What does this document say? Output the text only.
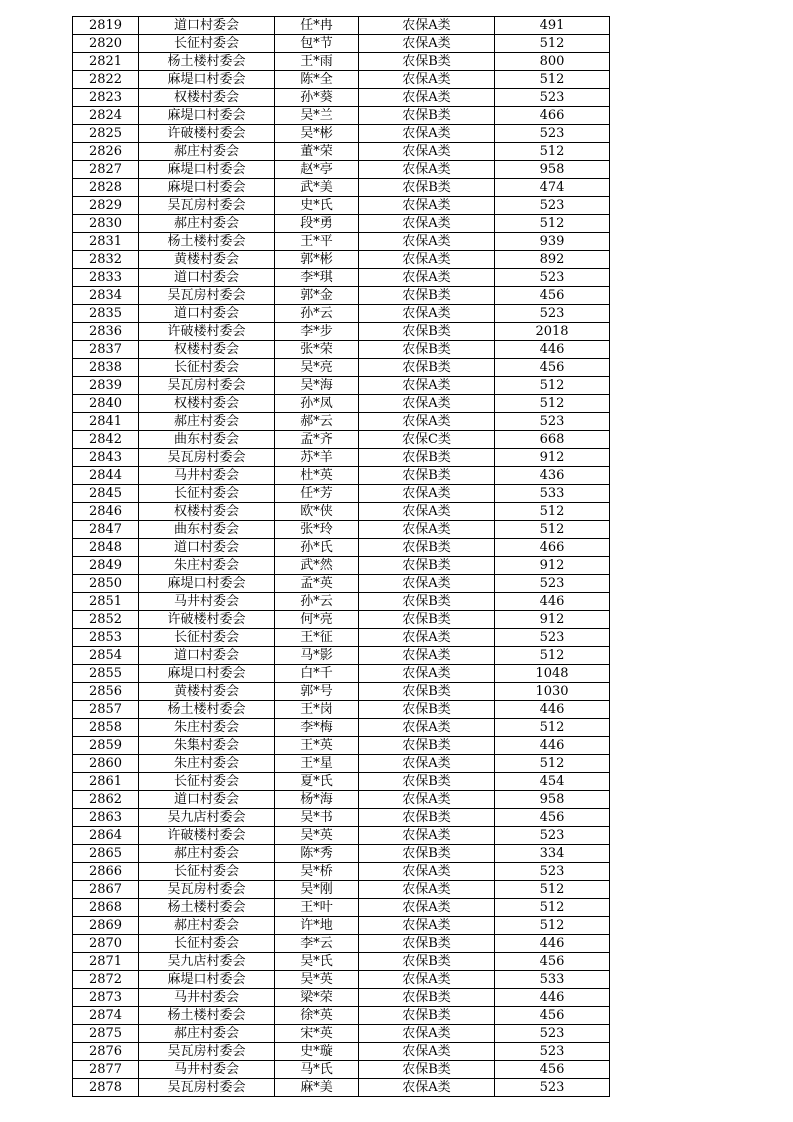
2819	道口村委会	任*冉	农保A类	491
2820	长征村委会	包*节	农保A类	512
2821	杨土楼村委会	王*雨	农保B类	800
2822	麻堤口村委会	陈*全	农保A类	512
2823	权楼村委会	孙*葵	农保A类	523
2824	麻堤口村委会	吴*兰	农保B类	466
2825	许破楼村委会	吴*彬	农保A类	523
2826	郝庄村委会	董*荣	农保A类	512
2827	麻堤口村委会	赵*亭	农保A类	958
2828	麻堤口村委会	武*美	农保B类	474
2829	吴瓦房村委会	史*氏	农保A类	523
2830	郝庄村委会	段*勇	农保A类	512
2831	杨土楼村委会	王*平	农保A类	939
2832	黄楼村委会	郭*彬	农保A类	892
2833	道口村委会	李*琪	农保A类	523
2834	吴瓦房村委会	郭*金	农保B类	456
2835	道口村委会	孙*云	农保A类	523
2836	许破楼村委会	李*步	农保B类	2018
2837	权楼村委会	张*荣	农保B类	446
2838	长征村委会	吴*亮	农保B类	456
2839	吴瓦房村委会	吴*海	农保A类	512
2840	权楼村委会	孙*凤	农保A类	512
2841	郝庄村委会	郝*云	农保A类	523
2842	曲东村委会	孟*齐	农保C类	668
2843	吴瓦房村委会	苏*羊	农保B类	912
2844	马井村委会	杜*英	农保B类	436
2845	长征村委会	任*芳	农保A类	533
2846	权楼村委会	欧*侠	农保A类	512
2847	曲东村委会	张*玲	农保A类	512
2848	道口村委会	孙*氏	农保B类	466
2849	朱庄村委会	武*然	农保B类	912
2850	麻堤口村委会	孟*英	农保A类	523
2851	马井村委会	孙*云	农保B类	446
2852	许破楼村委会	何*亮	农保B类	912
2853	长征村委会	王*征	农保A类	523
2854	道口村委会	马*影	农保A类	512
2855	麻堤口村委会	白*千	农保A类	1048
2856	黄楼村委会	郭*号	农保B类	1030
2857	杨土楼村委会	王*岗	农保B类	446
2858	朱庄村委会	李*梅	农保A类	512
2859	朱集村委会	王*英	农保B类	446
2860	朱庄村委会	王*星	农保A类	512
2861	长征村委会	夏*氏	农保B类	454
2862	道口村委会	杨*海	农保A类	958
2863	吴九店村委会	吴*书	农保B类	456
2864	许破楼村委会	吴*英	农保A类	523
2865	郝庄村委会	陈*秀	农保B类	334
2866	长征村委会	吴*桥	农保A类	523
2867	吴瓦房村委会	吴*刚	农保A类	512
2868	杨土楼村委会	王*叶	农保A类	512
2869	郝庄村委会	许*地	农保A类	512
2870	长征村委会	李*云	农保B类	446
2871	吴九店村委会	吴*氏	农保B类	456
2872	麻堤口村委会	吴*英	农保A类	533
2873	马井村委会	梁*荣	农保B类	446
2874	杨土楼村委会	徐*英	农保B类	456
2875	郝庄村委会	宋*英	农保A类	523
2876	吴瓦房村委会	史*璇	农保A类	523
2877	马井村委会	马*氏	农保B类	456
2878	吴瓦房村委会	麻*美	农保A类	523
